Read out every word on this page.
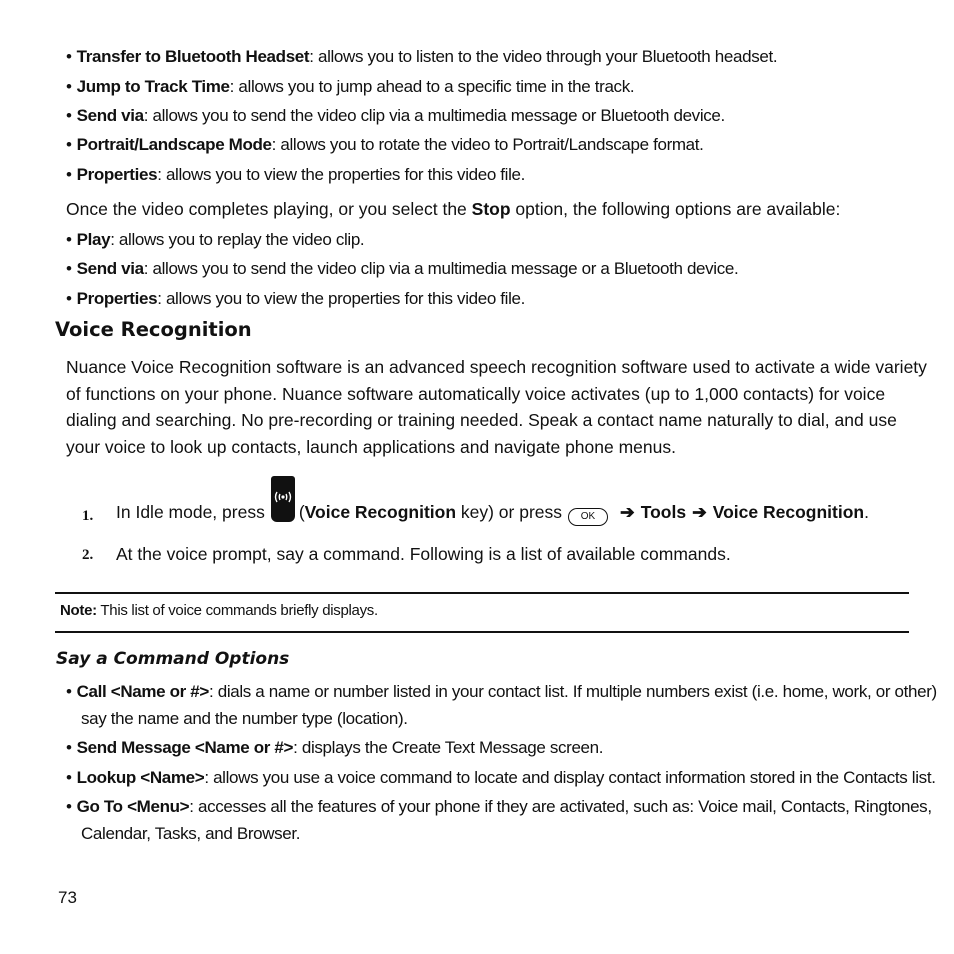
• Transfer to Bluetooth Headset: allows you to listen to the video through your Bluetooth headset.
• Jump to Track Time: allows you to jump ahead to a specific time in the track.
• Send via: allows you to send the video clip via a multimedia message or Bluetooth device.
• Portrait/Landscape Mode: allows you to rotate the video to Portrait/Landscape format.
• Properties: allows you to view the properties for this video file.
Once the video completes playing, or you select the Stop option, the following options are available:
• Play: allows you to replay the video clip.
• Send via: allows you to send the video clip via a multimedia message or a Bluetooth device.
• Properties: allows you to view the properties for this video file.
Voice Recognition
Nuance Voice Recognition software is an advanced speech recognition software used to activate a wide variety
of functions on your phone. Nuance software automatically voice activates (up to 1,000 contacts) for voice
dialing and searching. No pre-recording or training needed. Speak a contact name naturally to dial, and use
your voice to look up contacts, launch applications and navigate phone menus.
1. In Idle mode, press (Voice Recognition key) or press OK ➔ Tools ➔ Voice Recognition.
2. At the voice prompt, say a command. Following is a list of available commands.
Note: This list of voice commands briefly displays.
Say a Command Options
• Call <Name or #>: dials a name or number listed in your contact list. If multiple numbers exist (i.e. home, work, or other)
say the name and the number type (location).
• Send Message <Name or #>: displays the Create Text Message screen.
• Lookup <Name>: allows you use a voice command to locate and display contact information stored in the Contacts list.
• Go To <Menu>: accesses all the features of your phone if they are activated, such as: Voice mail, Contacts, Ringtones,
Calendar, Tasks, and Browser.
73
